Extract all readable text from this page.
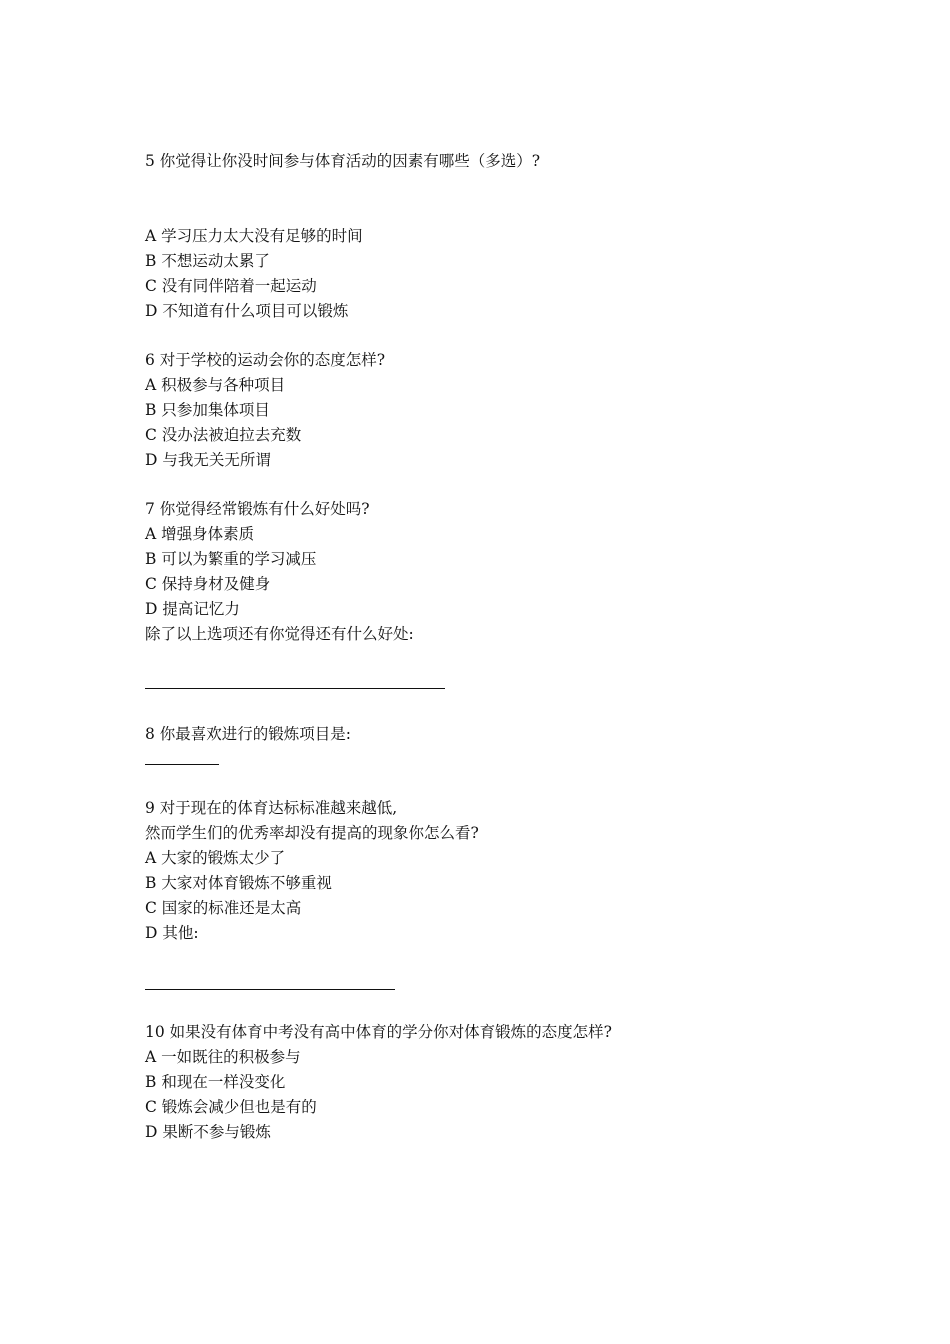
5 你觉得让你没时间参与体育活动的因素有哪些（多选）?
A 学习压力太大没有足够的时间
B 不想运动太累了
C 没有同伴陪着一起运动
D 不知道有什么项目可以锻炼
6 对于学校的运动会你的态度怎样?
A 积极参与各种项目
B 只参加集体项目
C 没办法被迫拉去充数
D 与我无关无所谓
7 你觉得经常锻炼有什么好处吗?
A 增强身体素质
B 可以为繁重的学习减压
C 保持身材及健身
D 提高记忆力
除了以上选项还有你觉得还有什么好处:
8 你最喜欢进行的锻炼项目是:
9 对于现在的体育达标标准越来越低,
然而学生们的优秀率却没有提高的现象你怎么看?
A 大家的锻炼太少了
B 大家对体育锻炼不够重视
C 国家的标准还是太高
D 其他:
10 如果没有体育中考没有高中体育的学分你对体育锻炼的态度怎样?
A 一如既往的积极参与
B 和现在一样没变化
C 锻炼会减少但也是有的
D 果断不参与锻炼
